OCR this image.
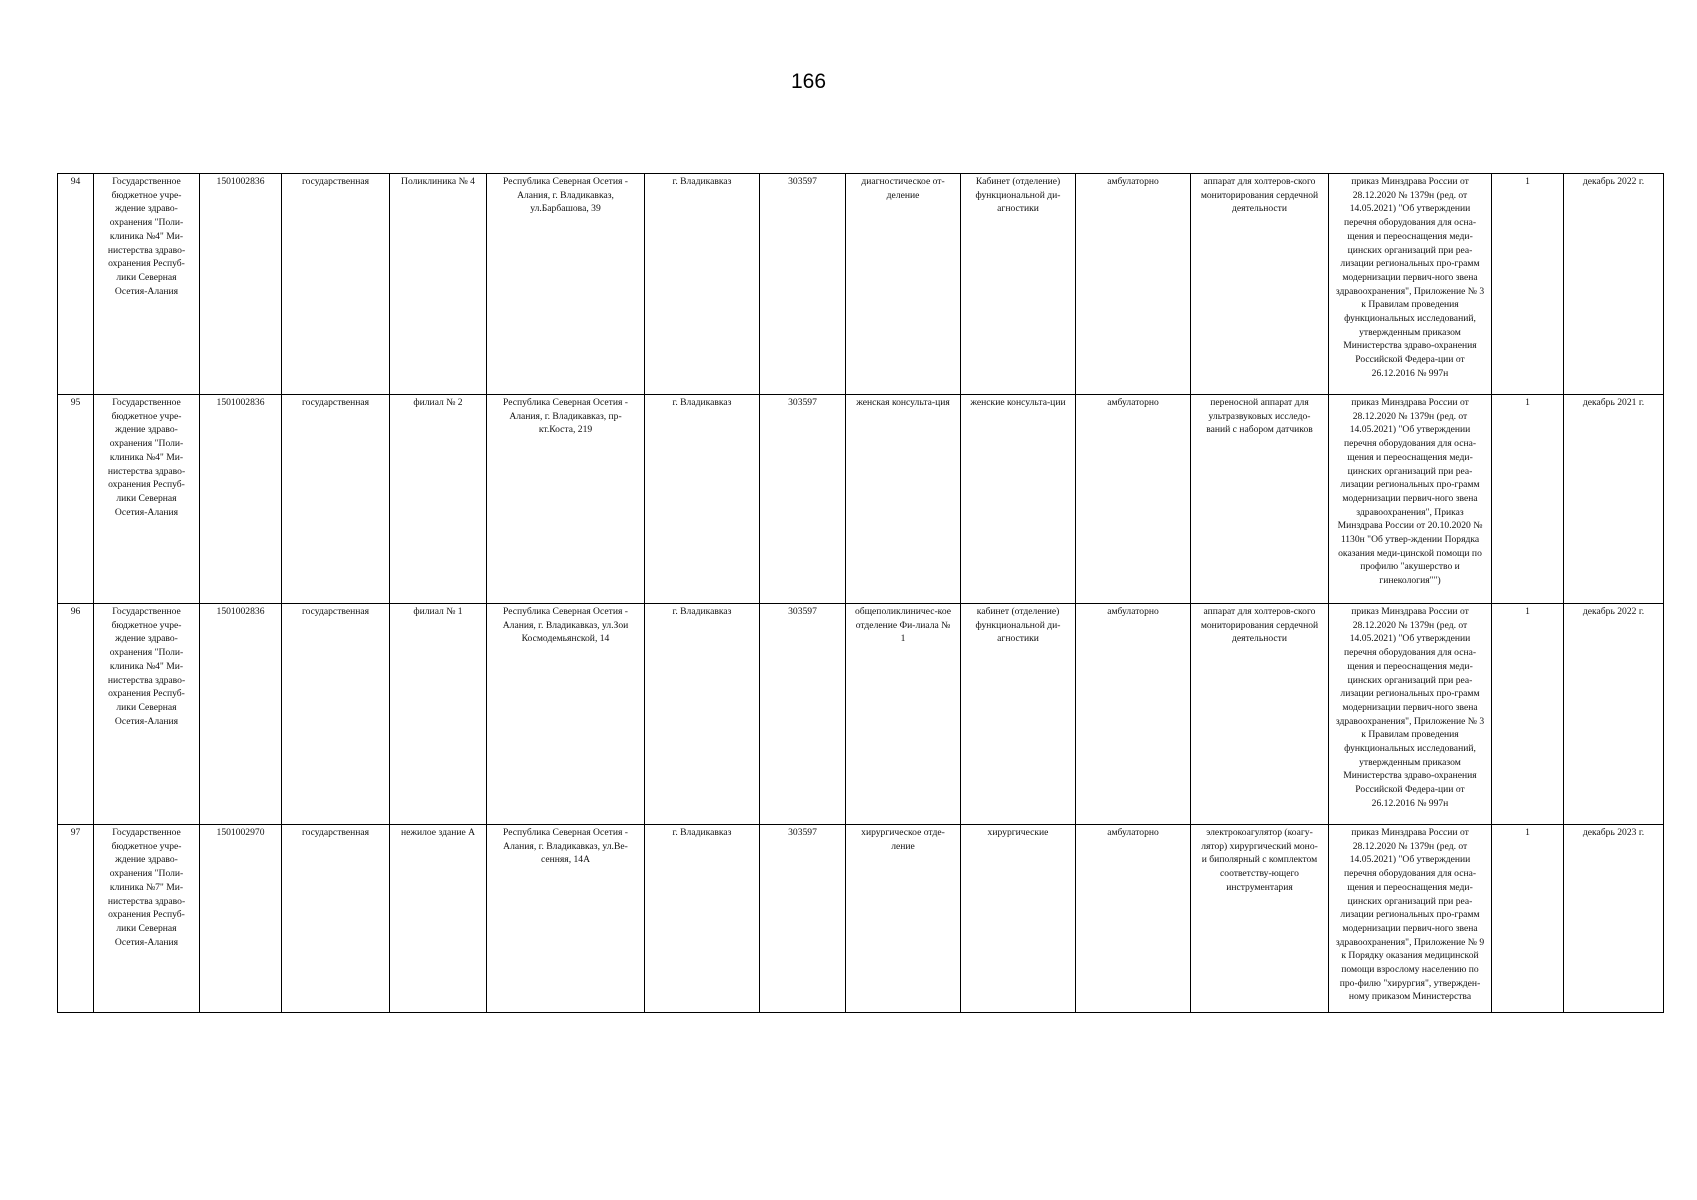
166
94	Государственное бюджетное учре-ждение здраво-охранения "Поли-клиника №4" Ми-нистерства здраво-охранения Респуб-лики Северная Осетия-Алания	1501002836	государственная	Поликлиника № 4	Республика Северная Осетия - Алания, г. Владикавказ, ул.Барбашова, 39	г. Владикавказ	303597	диагностическое от-деление	Кабинет (отделение) функциональной ди-агностики	амбулаторно	аппарат для холтеров-ского мониторирования сердечной деятельности	приказ Минздрава России от 28.12.2020 № 1379н (ред. от 14.05.2021) "Об утверждении перечня оборудования для осна-щения и переоснащения меди-цинских организаций при реа-лизации региональных про-грамм модернизации первич-ного звена здравоохранения", Приложение № 3 к Правилам проведения функциональных исследований, утвержденным приказом Министерства здраво-охранения Российской Федера-ции от 26.12.2016 № 997н	1	декабрь 2022 г.
95	Государственное бюджетное учре-ждение здраво-охранения "Поли-клиника №4" Ми-нистерства здраво-охранения Респуб-лики Северная Осетия-Алания	1501002836	государственная	филиал № 2	Республика Северная Осетия - Алания, г. Владикавказ, пр-кт.Коста, 219	г. Владикавказ	303597	женская консульта-ция	женские консульта-ции	амбулаторно	переносной аппарат для ультразвуковых исследо-ваний с набором датчиков	приказ Минздрава России от 28.12.2020 № 1379н (ред. от 14.05.2021) "Об утверждении перечня оборудования для осна-щения и переоснащения меди-цинских организаций при реа-лизации региональных про-грамм модернизации первич-ного звена здравоохранения", Приказ Минздрава России от 20.10.2020 № 1130н "Об утвер-ждении Порядка оказания меди-цинской помощи по профилю "акушерство и гинекология"")	1	декабрь 2021 г.
96	Государственное бюджетное учре-ждение здраво-охранения "Поли-клиника №4" Ми-нистерства здраво-охранения Респуб-лики Северная Осетия-Алания	1501002836	государственная	филиал № 1	Республика Северная Осетия - Алания, г. Владикавказ, ул.Зои Космодемьянской, 14	г. Владикавказ	303597	общеполиклиничес-кое отделение Фи-лиала № 1	кабинет (отделение) функциональной ди-агностики	амбулаторно	аппарат для холтеров-ского мониторирования сердечной деятельности	приказ Минздрава России от 28.12.2020 № 1379н (ред. от 14.05.2021) "Об утверждении перечня оборудования для осна-щения и переоснащения меди-цинских организаций при реа-лизации региональных про-грамм модернизации первич-ного звена здравоохранения", Приложение № 3 к Правилам проведения функциональных исследований, утвержденным приказом Министерства здраво-охранения Российской Федера-ции от 26.12.2016 № 997н	1	декабрь 2022 г.
97	Государственное бюджетное учре-ждение здраво-охранения "Поли-клиника №7" Ми-нистерства здраво-охранения Респуб-лики Северная Осетия-Алания	1501002970	государственная	нежилое здание А	Республика Северная Осетия - Алания, г. Владикавказ, ул.Ве-сенняя, 14А	г. Владикавказ	303597	хирургическое отде-ление	хирургические	амбулаторно	электрокоагулятор (коагу-лятор) хирургический моно- и биполярный с комплектом соответству-ющего инструментария	приказ Минздрава России от 28.12.2020 № 1379н (ред. от 14.05.2021) "Об утверждении перечня оборудования для осна-щения и переоснащения меди-цинских организаций при реа-лизации региональных про-грамм модернизации первич-ного звена здравоохранения", Приложение № 9 к Порядку оказания медицинской помощи взрослому населению по про-филю "хирургия", утвержден-ному приказом Министерства	1	декабрь 2023 г.
